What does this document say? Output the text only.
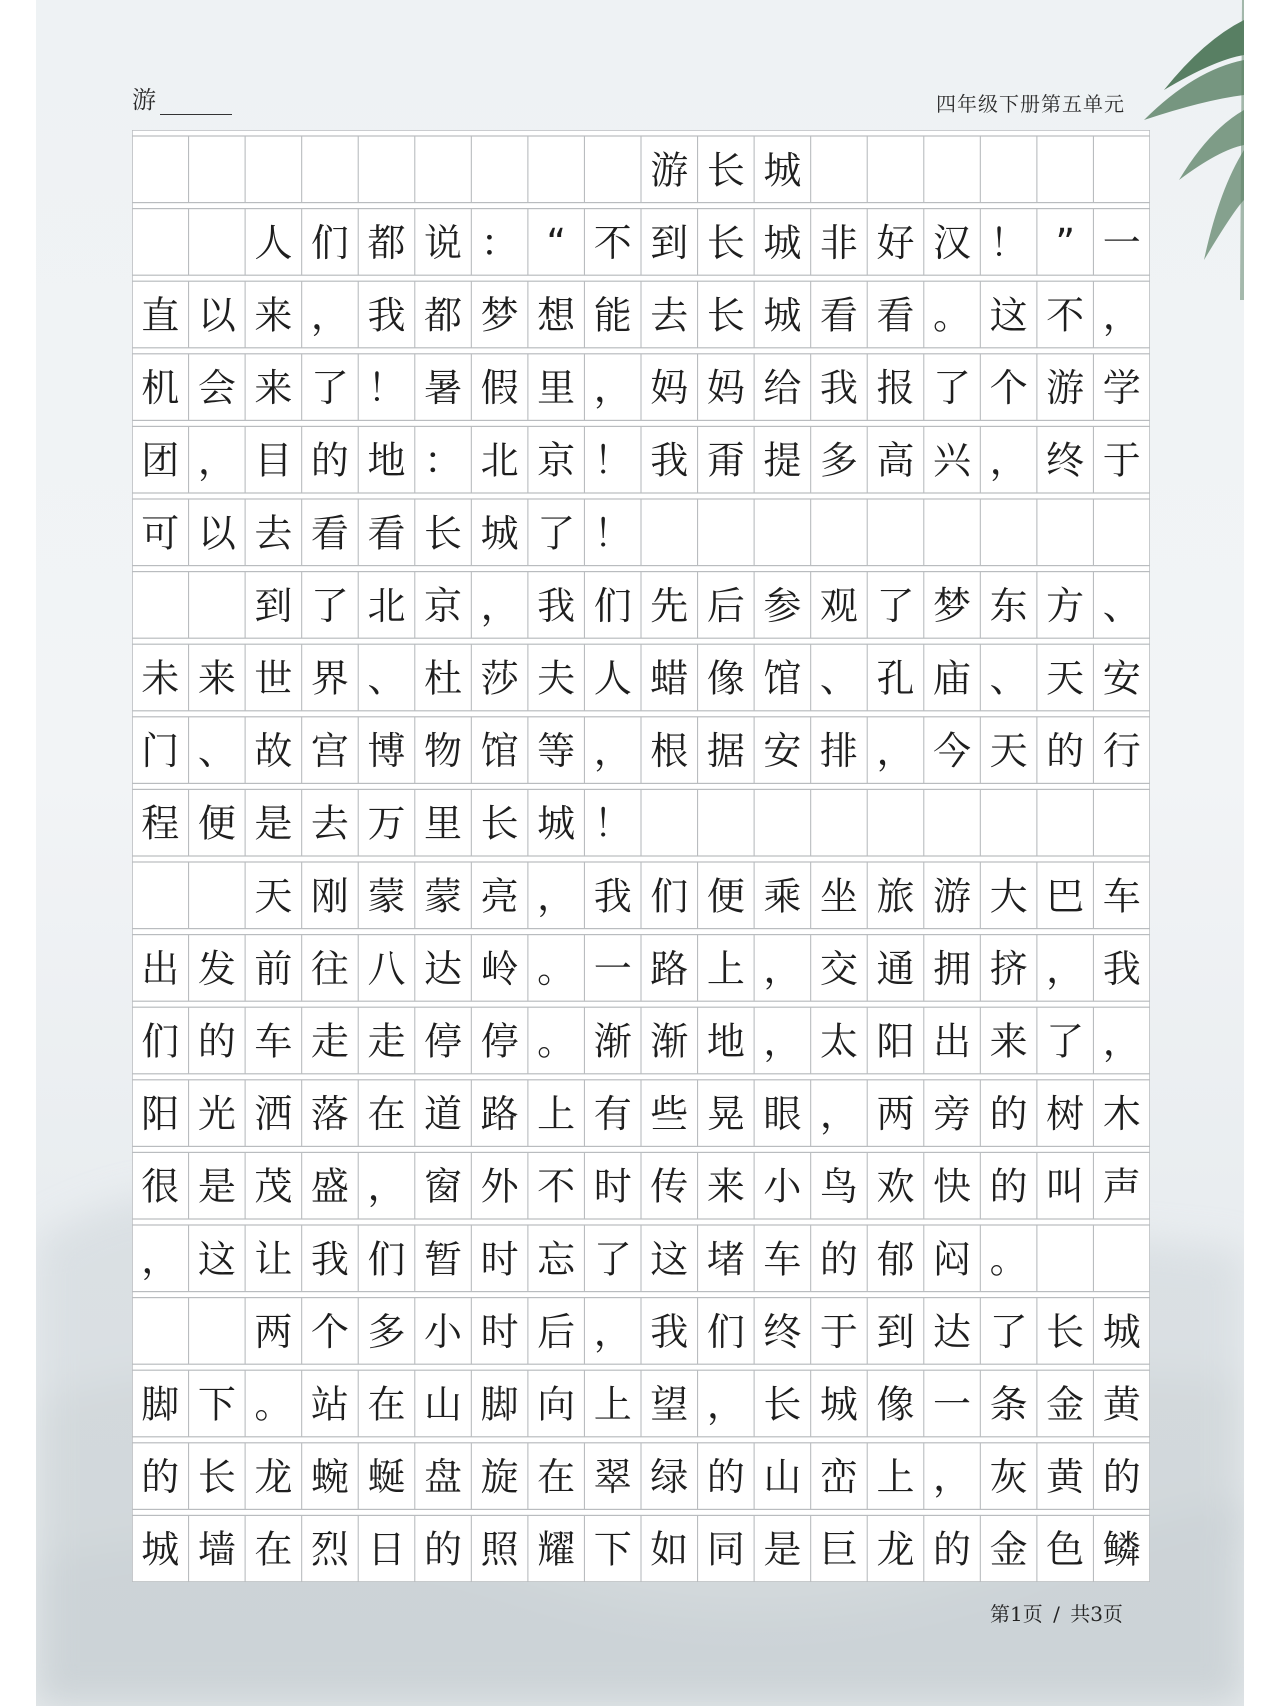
游	四年级下册第五单元
游 长 城
人 们 都 说 ： “ 不 到 长 城 非 好 汉 ！ ” 一
直 以 来 ， 我 都 梦 想 能 去 长 城 看 看 。 这 不 ，
机 会 来 了 ！ 暑 假 里 ， 妈 妈 给 我 报 了 个 游 学
团 ， 目 的 地 ： 北 京 ！ 我 甭 提 多 高 兴 ， 终 于
可 以 去 看 看 长 城 了 ！
到 了 北 京 ， 我 们 先 后 参 观 了 梦 东 方 、
未 来 世 界 、 杜 莎 夫 人 蜡 像 馆 、 孔 庙 、 天 安
门 、 故 宫 博 物 馆 等 ， 根 据 安 排 ， 今 天 的 行
程 便 是 去 万 里 长 城 ！
天 刚 蒙 蒙 亮 ， 我 们 便 乘 坐 旅 游 大 巴 车
出 发 前 往 八 达 岭 。 一 路 上 ， 交 通 拥 挤 ， 我
们 的 车 走 走 停 停 。 渐 渐 地 ， 太 阳 出 来 了 ，
阳 光 洒 落 在 道 路 上 有 些 晃 眼 ， 两 旁 的 树 木
很 是 茂 盛 ， 窗 外 不 时 传 来 小 鸟 欢 快 的 叫 声
， 这 让 我 们 暂 时 忘 了 这 堵 车 的 郁 闷 。
两 个 多 小 时 后 ， 我 们 终 于 到 达 了 长 城
脚 下 。 站 在 山 脚 向 上 望 ， 长 城 像 一 条 金 黄
的 长 龙 蜿 蜒 盘 旋 在 翠 绿 的 山 峦 上 ， 灰 黄 的
城 墙 在 烈 日 的 照 耀 下 如 同 是 巨 龙 的 金 色 鳞
第1页 / 共3页
